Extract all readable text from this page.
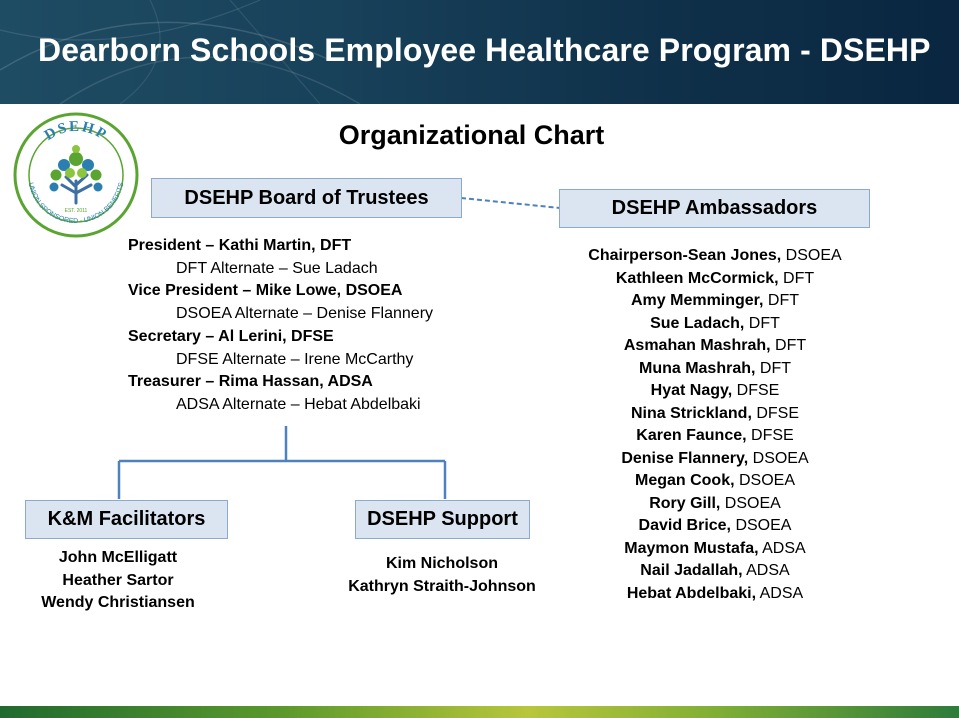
Dearborn Schools Employee Healthcare Program - DSEHP
DSEHP
UNION SPONSORED - UNION BENEFITS
EST. 2011
Organizational Chart
DSEHP Board of Trustees	DSEHP Ambassadors
K&M Facilitators	DSEHP Support
President – Kathi Martin, DFT
DFT Alternate – Sue Ladach
Vice President – Mike Lowe, DSOEA
DSOEA Alternate – Denise Flannery
Secretary – Al Lerini, DFSE
DFSE Alternate – Irene McCarthy
Treasurer – Rima Hassan, ADSA
ADSA Alternate – Hebat Abdelbaki
Chairperson-Sean Jones, DSOEA
Kathleen McCormick, DFT
Amy Memminger, DFT
Sue Ladach, DFT
Asmahan Mashrah, DFT
Muna Mashrah, DFT
Hyat Nagy, DFSE
Nina Strickland, DFSE
Karen Faunce, DFSE
Denise Flannery, DSOEA
Megan Cook, DSOEA
Rory Gill, DSOEA
David Brice, DSOEA
Maymon Mustafa, ADSA
Nail Jadallah, ADSA
Hebat Abdelbaki, ADSA
John McElligatt
Heather Sartor
Wendy Christiansen
Kim Nicholson
Kathryn Straith-Johnson
